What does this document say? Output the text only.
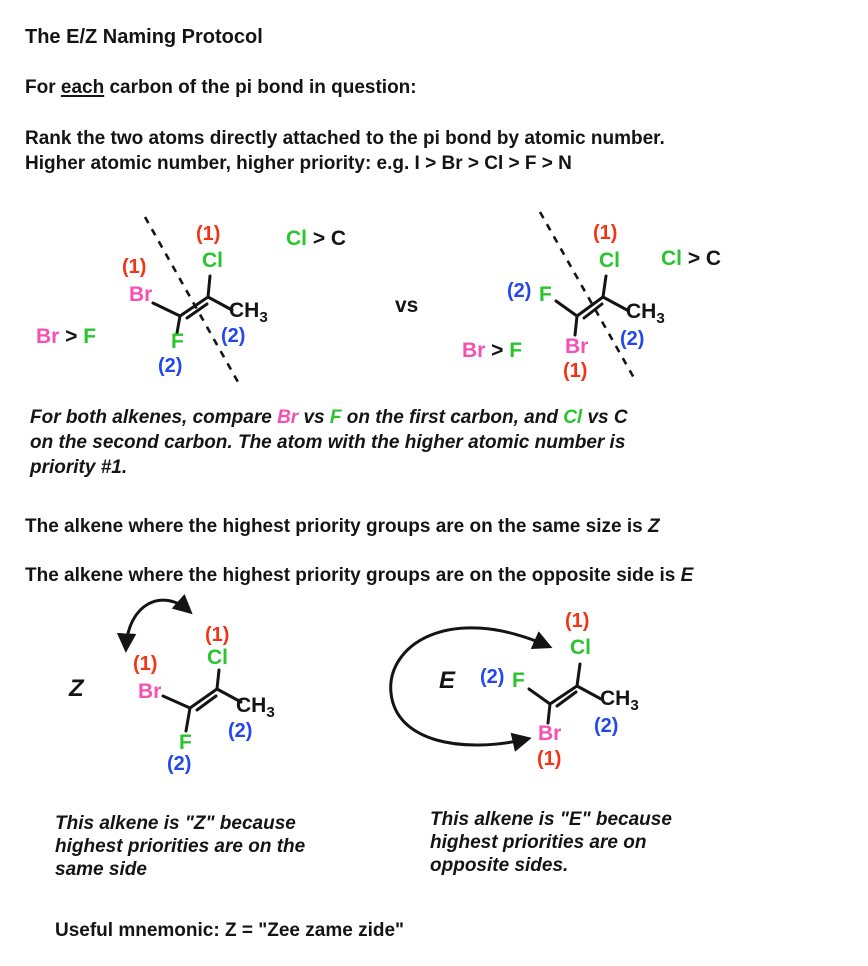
The E/Z Naming Protocol
For each carbon of the pi bond in question:
Rank the two atoms directly attached to the pi bond by atomic number.
Higher atomic number, higher priority: e.g. I > Br > Cl > F > N
(1)
Br
(1)
Cl
$CH_3$
(2)
F
(2)
Br > F
Cl > C
vs
(2) F
(1)
Cl
$CH_3$
(2)
Br
(1)
Br > F
Cl > C
For both alkenes, compare Br vs F on the first carbon, and Cl vs C
on the second carbon. The atom with the higher atomic number is
priority #1.
The alkene where the highest priority groups are on the same size is Z
The alkene where the highest priority groups are on the opposite side is E
Z
(1)
Br
(1)
Cl
$CH_3$
(2)
F
(2)
E
(1)
Cl
(2) F
$CH_3$
(2)
Br
(1)
This alkene is "Z" because
highest priorities are on the
same side
This alkene is "E" because
highest priorities are on
opposite sides.
Useful mnemonic: Z = "Zee zame zide"
